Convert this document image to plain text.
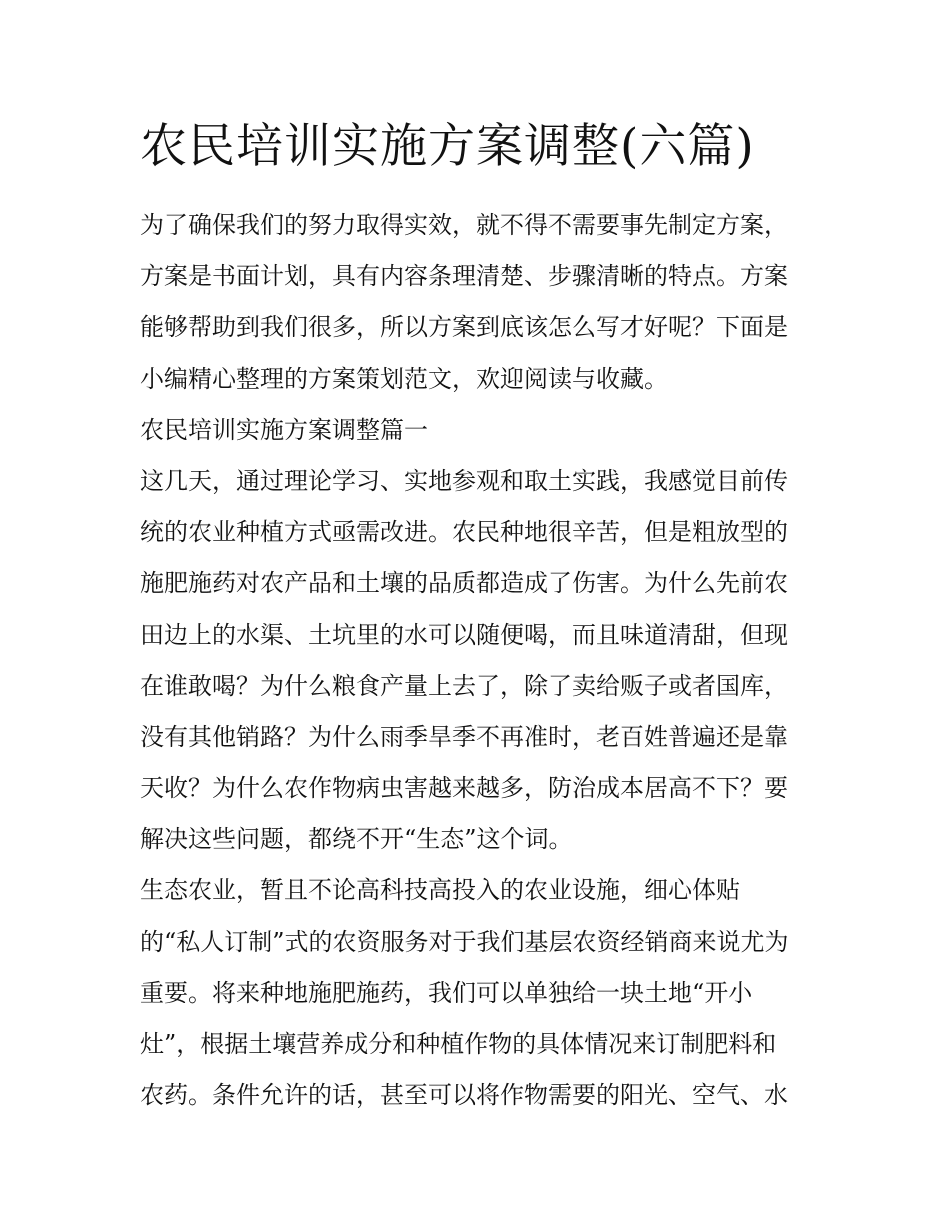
农民培训实施方案调整(六篇)
为了确保我们的努力取得实效，就不得不需要事先制定方案，
方案是书面计划，具有内容条理清楚、步骤清晰的特点。方案
能够帮助到我们很多，所以方案到底该怎么写才好呢？下面是
小编精心整理的方案策划范文，欢迎阅读与收藏。
农民培训实施方案调整篇一
这几天，通过理论学习、实地参观和取土实践，我感觉目前传
统的农业种植方式亟需改进。农民种地很辛苦，但是粗放型的
施肥施药对农产品和土壤的品质都造成了伤害。为什么先前农
田边上的水渠、土坑里的水可以随便喝，而且味道清甜，但现
在谁敢喝？为什么粮食产量上去了，除了卖给贩子或者国库，
没有其他销路？为什么雨季旱季不再准时，老百姓普遍还是靠
天收？为什么农作物病虫害越来越多，防治成本居高不下？要
解决这些问题，都绕不开“生态”这个词。
生态农业，暂且不论高科技高投入的农业设施，细心体贴
的“私人订制”式的农资服务对于我们基层农资经销商来说尤为
重要。将来种地施肥施药，我们可以单独给一块土地“开小
灶”，根据土壤营养成分和种植作物的具体情况来订制肥料和
农药。条件允许的话，甚至可以将作物需要的阳光、空气、水
